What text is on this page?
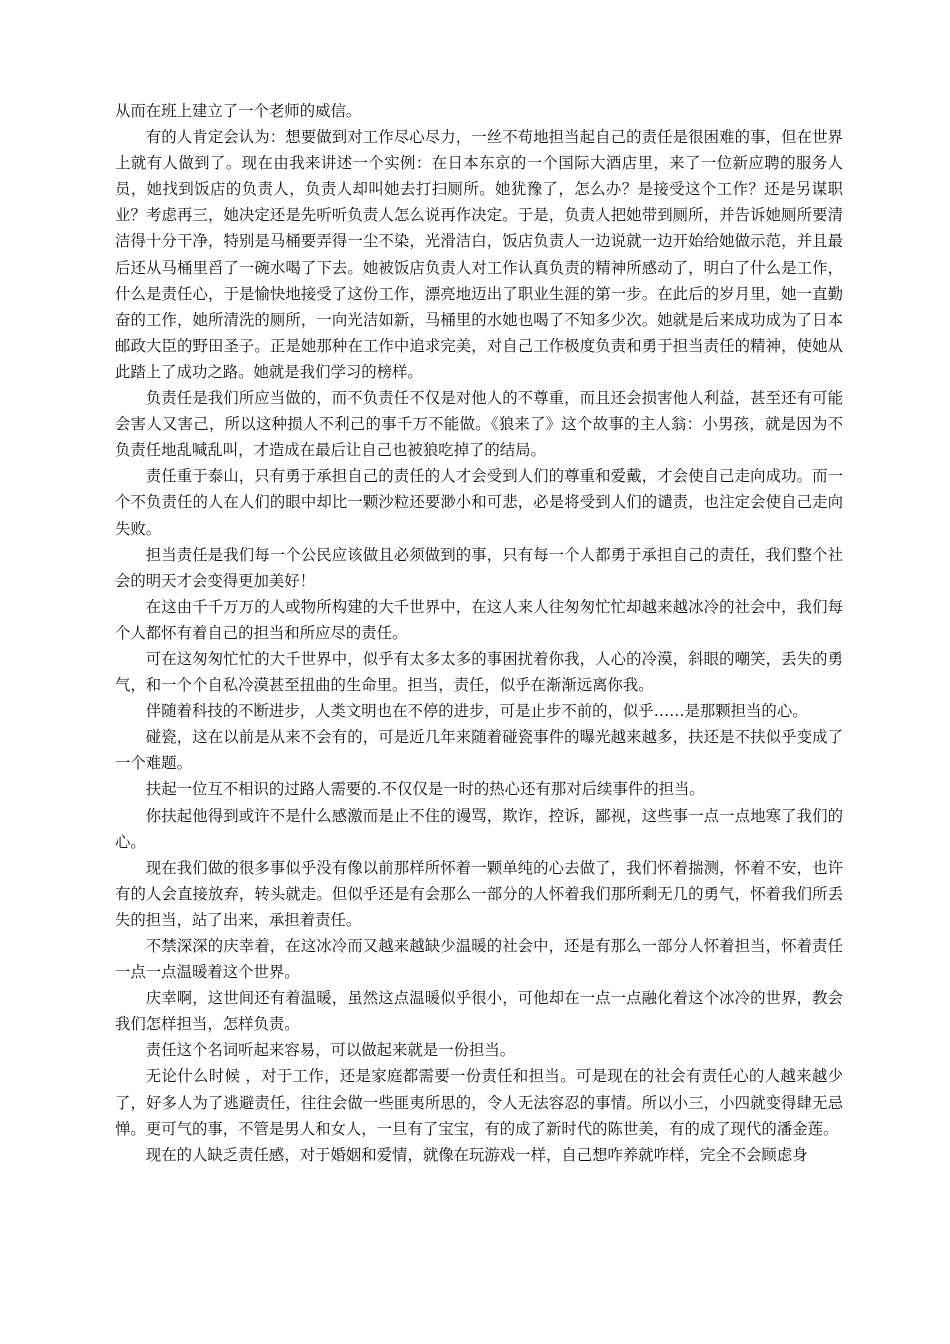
从而在班上建立了一个老师的威信。

有的人肯定会认为：想要做到对工作尽心尽力，一丝不苟地担当起自己的责任是很困难的事，但在世界上就有人做到了。现在由我来讲述一个实例：在日本东京的一个国际大酒店里，来了一位新应聘的服务人员，她找到饭店的负责人，负责人却叫她去打扫厕所。她犹豫了，怎么办？是接受这个工作？还是另谋职业？考虑再三，她决定还是先听听负责人怎么说再作决定。于是，负责人把她带到厕所，并告诉她厕所要清洁得十分干净，特别是马桶要弄得一尘不染，光滑洁白，饭店负责人一边说就一边开始给她做示范，并且最后还从马桶里舀了一碗水喝了下去。她被饭店负责人对工作认真负责的精神所感动了，明白了什么是工作，什么是责任心，于是愉快地接受了这份工作，漂亮地迈出了职业生涯的第一步。在此后的岁月里，她一直勤奋的工作，她所清洗的厕所，一向光洁如新，马桶里的水她也喝了不知多少次。她就是后来成功成为了日本邮政大臣的野田圣子。正是她那种在工作中追求完美，对自己工作极度负责和勇于担当责任的精神，使她从此踏上了成功之路。她就是我们学习的榜样。

负责任是我们所应当做的，而不负责任不仅是对他人的不尊重，而且还会损害他人利益，甚至还有可能会害人又害己，所以这种损人不利己的事千万不能做。《狼来了》这个故事的主人翁：小男孩，就是因为不负责任地乱喊乱叫，才造成在最后让自己也被狼吃掉了的结局。

责任重于泰山，只有勇于承担自己的责任的人才会受到人们的尊重和爱戴，才会使自己走向成功。而一个不负责任的人在人们的眼中却比一颗沙粒还要渺小和可悲，必是将受到人们的谴责，也注定会使自己走向失败。

担当责任是我们每一个公民应该做且必须做到的事，只有每一个人都勇于承担自己的责任，我们整个社会的明天才会变得更加美好！

在这由千千万万的人或物所构建的大千世界中，在这人来人往匆匆忙忙却越来越冰冷的社会中，我们每个人都怀有着自己的担当和所应尽的责任。

可在这匆匆忙忙的大千世界中，似乎有太多太多的事困扰着你我，人心的冷漠，斜眼的嘲笑，丢失的勇气，和一个个自私冷漠甚至扭曲的生命里。担当，责任，似乎在渐渐远离你我。

伴随着科技的不断进步，人类文明也在不停的进步，可是止步不前的，似乎……是那颗担当的心。

碰瓷，这在以前是从来不会有的，可是近几年来随着碰瓷事件的曝光越来越多，扶还是不扶似乎变成了一个难题。

扶起一位互不相识的过路人需要的.不仅仅是一时的热心还有那对后续事件的担当。

你扶起他得到或许不是什么感激而是止不住的谩骂，欺诈，控诉，鄙视，这些事一点一点地寒了我们的心。

现在我们做的很多事似乎没有像以前那样所怀着一颗单纯的心去做了，我们怀着揣测，怀着不安，也许有的人会直接放弃，转头就走。但似乎还是有会那么一部分的人怀着我们那所剩无几的勇气，怀着我们所丢失的担当，站了出来，承担着责任。

不禁深深的庆幸着，在这冰冷而又越来越缺少温暖的社会中，还是有那么一部分人怀着担当，怀着责任一点一点温暖着这个世界。

庆幸啊，这世间还有着温暖，虽然这点温暖似乎很小，可他却在一点一点融化着这个冰冷的世界，教会我们怎样担当，怎样负责。

责任这个名词听起来容易，可以做起来就是一份担当。

无论什么时候 ，对于工作，还是家庭都需要一份责任和担当。可是现在的社会有责任心的人越来越少了，好多人为了逃避责任，往往会做一些匪夷所思的，令人无法容忍的事情。所以小三，小四就变得肆无忌惮。更可气的事，不管是男人和女人，一旦有了宝宝，有的成了新时代的陈世美，有的成了现代的潘金莲。

现在的人缺乏责任感，对于婚姻和爱情，就像在玩游戏一样，自己想咋养就咋样，完全不会顾虑身
